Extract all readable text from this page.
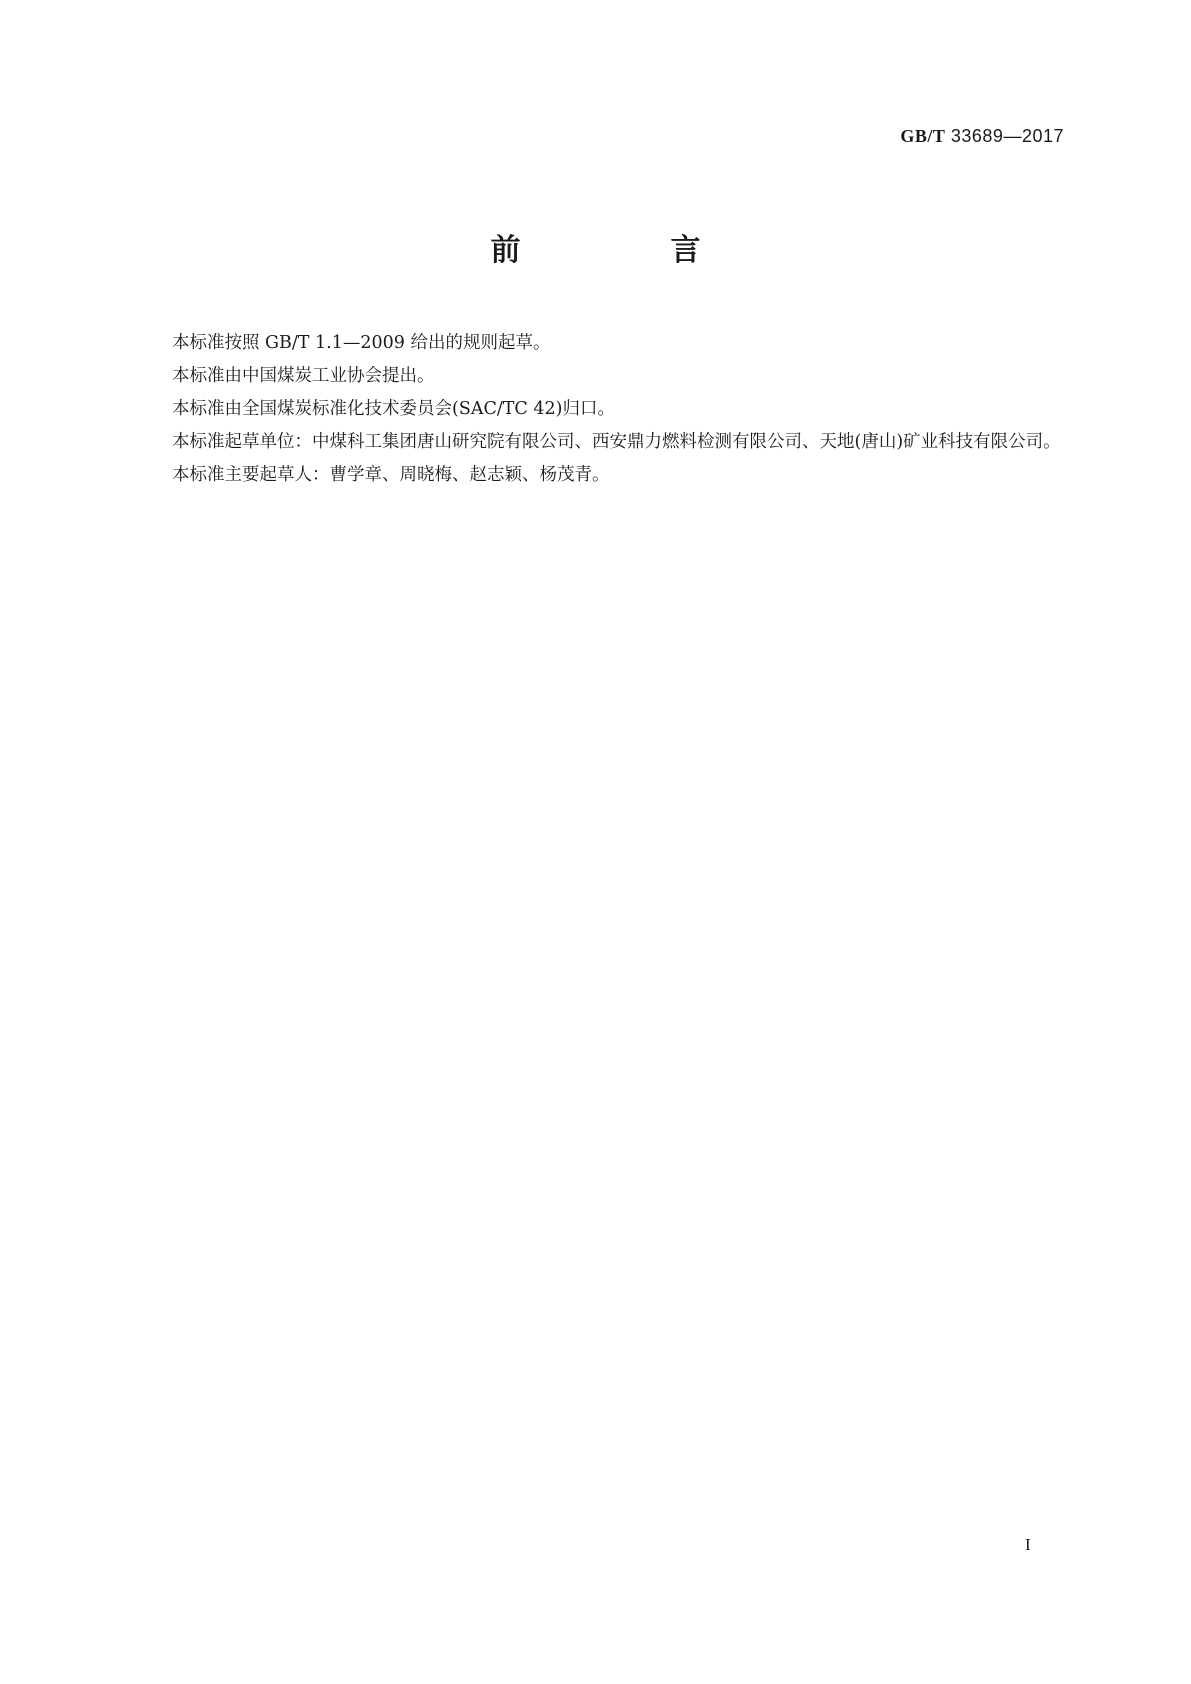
GB/T 33689—2017
前　言

本标准按照 GB/T 1.1—2009 给出的规则起草。

本标准由中国煤炭工业协会提出。

本标准由全国煤炭标准化技术委员会(SAC/TC 42)归口。

本标准起草单位：中煤科工集团唐山研究院有限公司、西安鼎力燃料检测有限公司、天地(唐山)矿业科技有限公司。

本标准主要起草人：曹学章、周晓梅、赵志颖、杨茂青。

I
